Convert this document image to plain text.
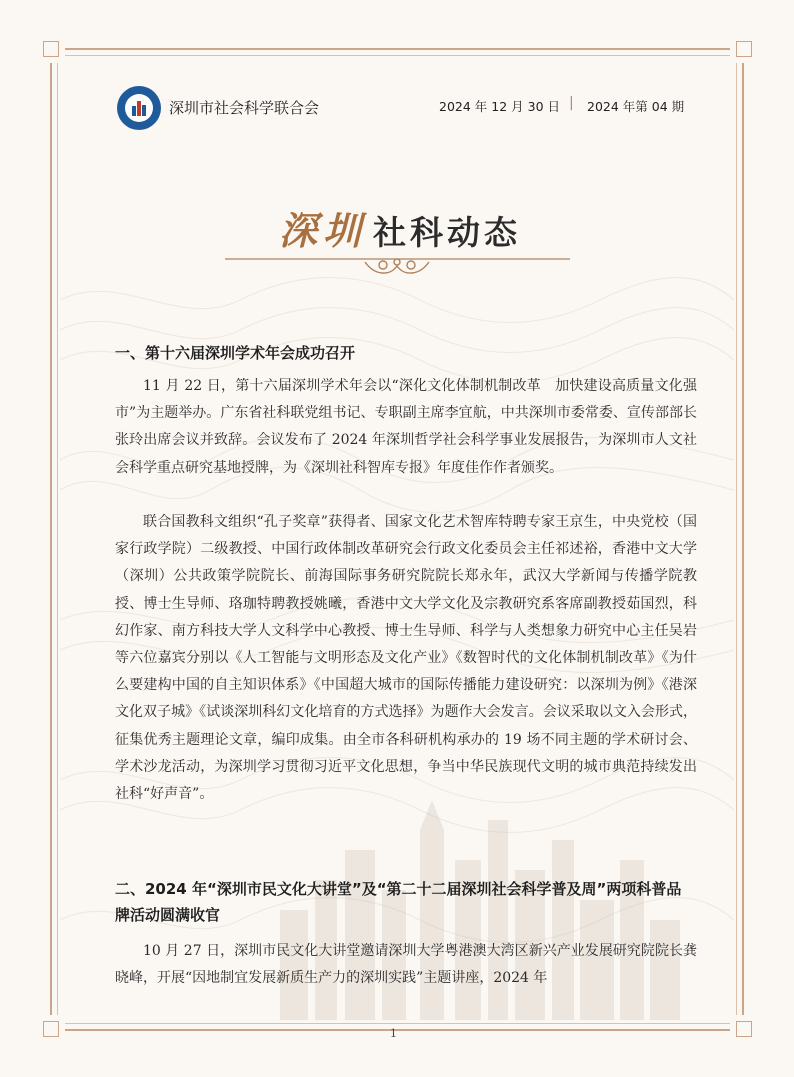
深圳市社会科学联合会	2024 年 12 月 30 日 | 2024 年第 04 期
深圳 社科动态
一、第十六届深圳学术年会成功召开

11 月 22 日，第十六届深圳学术年会以“深化文化体制机制改革　加快建设高质量文化强市”为主题举办。广东省社科联党组书记、专职副主席李宜航，中共深圳市委常委、宣传部部长张玲出席会议并致辞。会议发布了 2024 年深圳哲学社会科学事业发展报告，为深圳市人文社会科学重点研究基地授牌，为《深圳社科智库专报》年度佳作作者颁奖。

联合国教科文组织“孔子奖章”获得者、国家文化艺术智库特聘专家王京生，中央党校（国家行政学院）二级教授、中国行政体制改革研究会行政文化委员会主任祁述裕，香港中文大学（深圳）公共政策学院院长、前海国际事务研究院院长郑永年，武汉大学新闻与传播学院教授、博士生导师、珞珈特聘教授姚曦，香港中文大学文化及宗教研究系客席副教授茹国烈，科幻作家、南方科技大学人文科学中心教授、博士生导师、科学与人类想象力研究中心主任吴岩等六位嘉宾分别以《人工智能与文明形态及文化产业》《数智时代的文化体制机制改革》《为什么要建构中国的自主知识体系》《中国超大城市的国际传播能力建设研究：以深圳为例》《港深文化双子城》《试谈深圳科幻文化培育的方式选择》为题作大会发言。会议采取以文入会形式，征集优秀主题理论文章，编印成集。由全市各科研机构承办的 19 场不同主题的学术研讨会、学术沙龙活动，为深圳学习贯彻习近平文化思想，争当中华民族现代文明的城市典范持续发出社科“好声音”。

二、2024 年“深圳市民文化大讲堂”及“第二十二届深圳社会科学普及周”两项科普品牌活动圆满收官

10 月 27 日，深圳市民文化大讲堂邀请深圳大学粤港澳大湾区新兴产业发展研究院院长龚晓峰，开展“因地制宜发展新质生产力的深圳实践”主题讲座，2024 年

1
